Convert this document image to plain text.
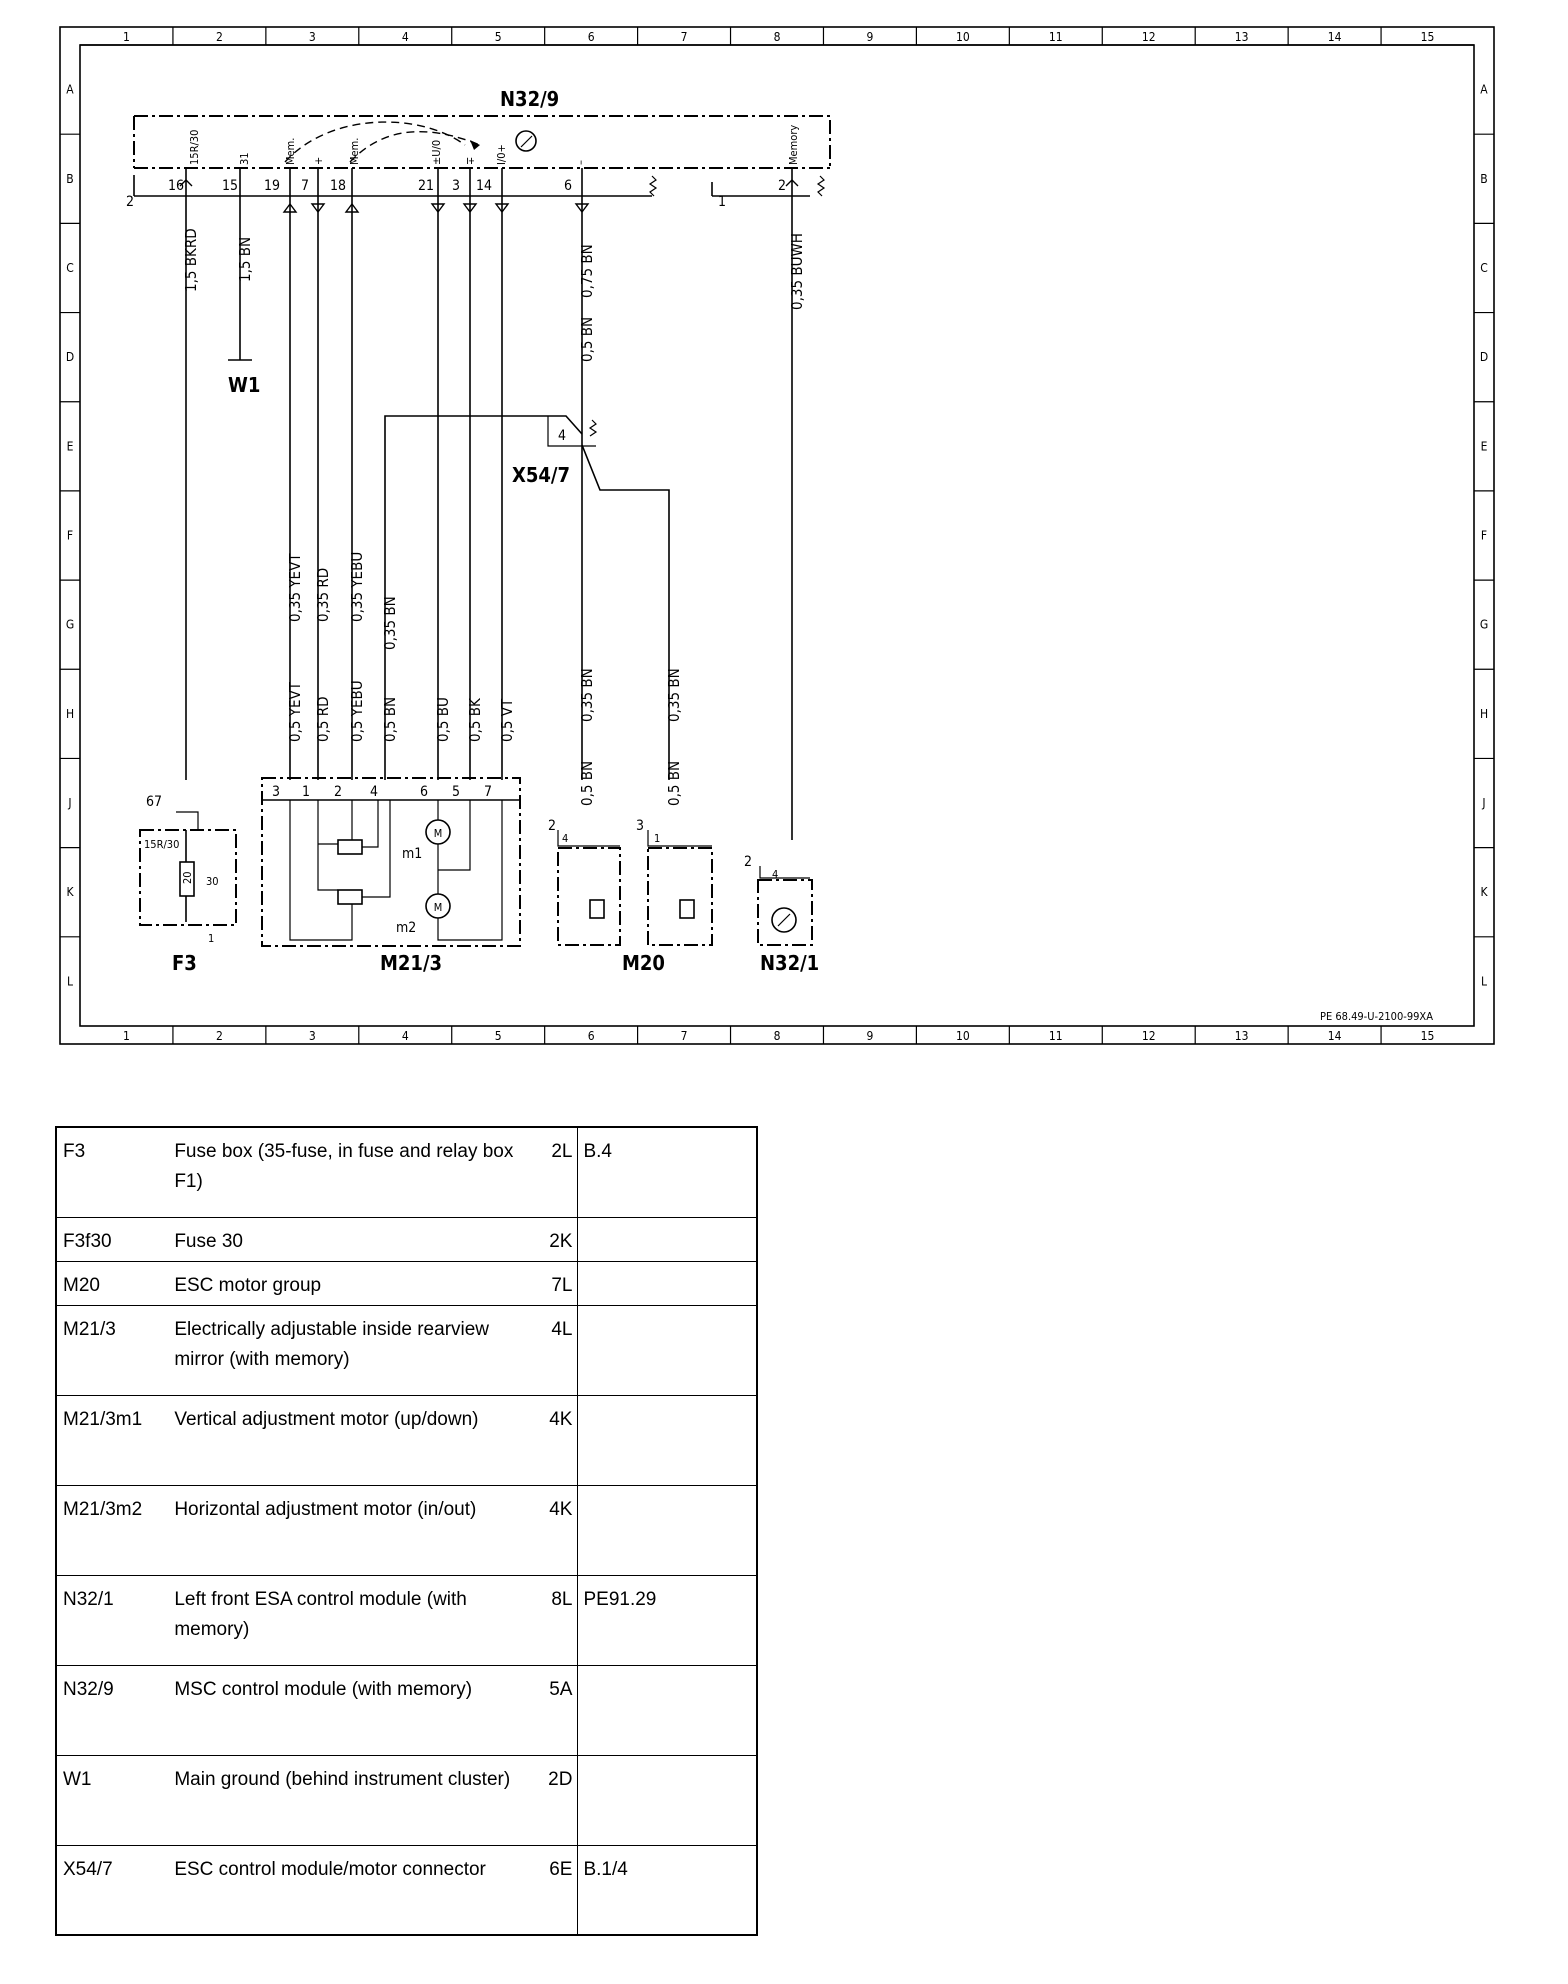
1	2	3	4	5	6	7	8	9	10	11	12	13	14	15
1	2	3	4	5	6	7	8	9	10	11	12	13	14	15
A
B
C
D
E
F
G
H
J
K
L
A
B
C
D
E
F
G
H
J
K
L
N32/9
2	1
15R/30	31	Mem. + Mem.	±U/0 ∓ I/0+	–	Memory
16	15 19 7 18	21 3 14	6	2
W1
4
X54/7
1,5 BKRD 1,5 BN	0,75 BN
0,5 BN
0,35 BUWH
0,35 YEVT 0,35 RD 0,35 YEBU
0,35 BN
0,5 YEVT 0,5 RD 0,5 YEBU 0,5 BN 0,5 BU 0,5 BK 0,5 VT	0,35 BN
0,5 BN
0,35 BN
0,5 BN
67
15R/30
20 30
1
F3
3 1 2 4	6 5 7
M
M
m1
m2
M21/3
2
4
3
1
M20
2
4
N32/1
PE 68.49-U-2100-99XA
F3	Fuse box (35-fuse, in fuse and relay box F1)	2L	B.4
F3f30	Fuse 30	2K	
M20	ESC motor group	7L	
M21/3	Electrically adjustable inside rearview mirror (with memory)	4L	
M21/3m1	Vertical adjustment motor (up/down)	4K	
M21/3m2	Horizontal adjustment motor (in/out)	4K	
N32/1	Left front ESA control module (with memory)	8L	PE91.29
N32/9	MSC control module (with memory)	5A	
W1	Main ground (behind instrument cluster)	2D	
X54/7	ESC control module/motor connector	6E	B.1/4
